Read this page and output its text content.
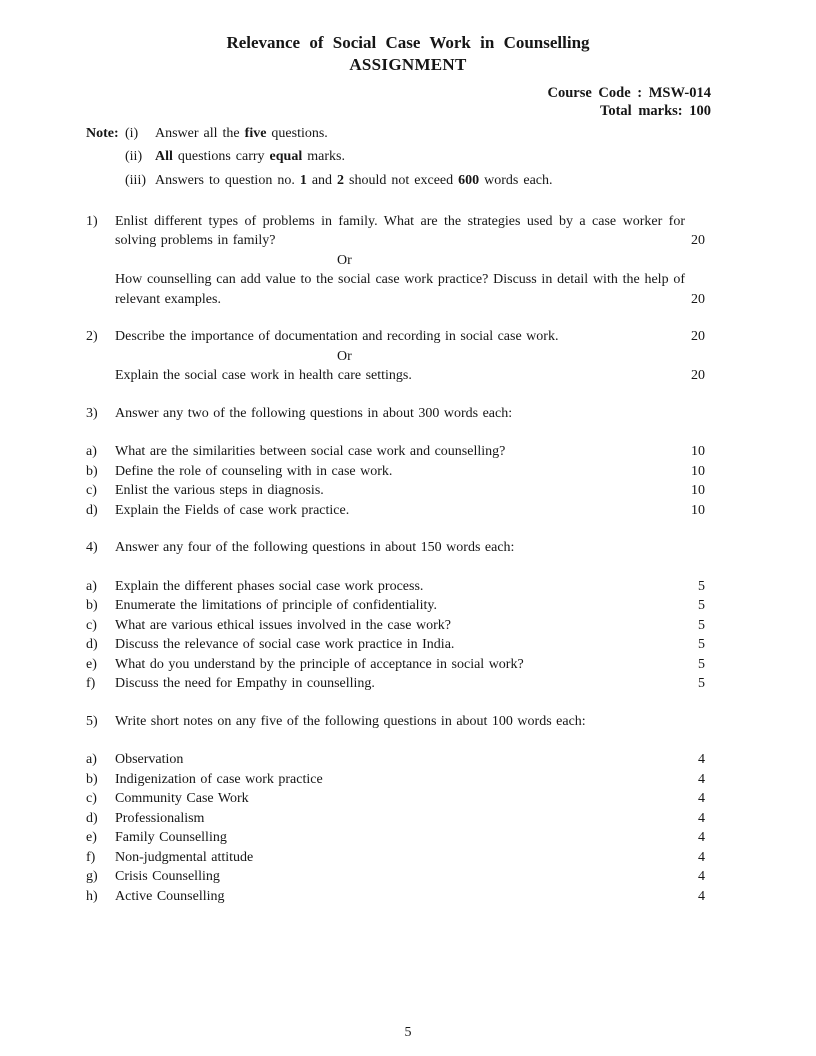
Relevance of Social Case Work in Counselling
ASSIGNMENT
Course Code : MSW-014
Total marks: 100
Note: (i)	Answer all the five questions.
(ii) All questions carry equal marks.
(iii) Answers to question no. 1 and 2 should not exceed 600 words each.
1)	Enlist different types of problems in family. What are the strategies used by a case worker for solving problems in family?	20
Or
How counselling can add value to the social case work practice? Discuss in detail with the help of relevant examples.	20
2)	Describe the importance of documentation and recording in social case work.	20
Or
Explain the social case work in health care settings.	20
3)	Answer any two of the following questions in about 300 words each:
a)	What are the similarities between social case work and counselling?	10
b)	Define the role of counseling with in case work.	10
c)	Enlist the various steps in diagnosis.	10
d)	Explain the Fields of case work practice.	10
4)	Answer any four of the following questions in about 150 words each:
a)	Explain the different phases social case work process.	5
b)	Enumerate the limitations of principle of confidentiality.	5
c)	What are various ethical issues involved in the case work?	5
d)	Discuss the relevance of social case work practice in India.	5
e)	What do you understand by the principle of acceptance in social work?	5
f)	Discuss the need for Empathy in counselling.	5
5)	Write short notes on any five of the following questions in about 100 words each:
a)	Observation	4
b)	Indigenization of case work practice	4
c)	Community Case Work	4
d)	Professionalism	4
e)	Family Counselling	4
f)	Non-judgmental attitude	4
g)	Crisis Counselling	4
h)	Active Counselling	4
5
